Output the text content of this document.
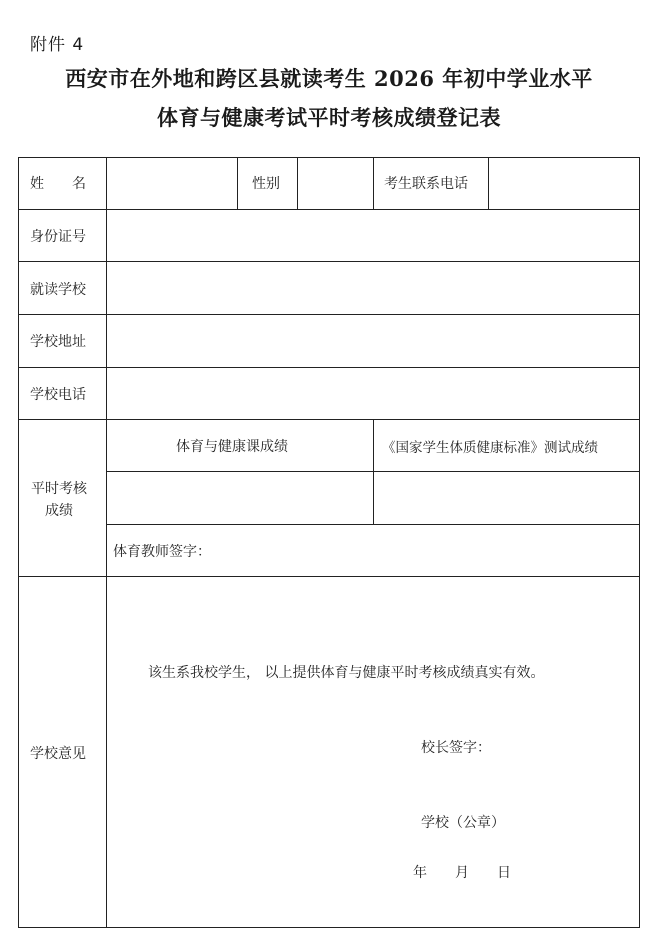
附件 4
西安市在外地和跨区县就读考生 2026 年初中学业水平
体育与健康考试平时考核成绩登记表
姓　　名	性别	考生联系电话
身份证号
就读学校
学校地址
学校电话
平时考核
成绩
体育与健康课成绩	《国家学生体质健康标准》测试成绩
体育教师签字：
学校意见
该生系我校学生， 以上提供体育与健康平时考核成绩真实有效。
校长签字：
学校（公章）
年　　月　　日
